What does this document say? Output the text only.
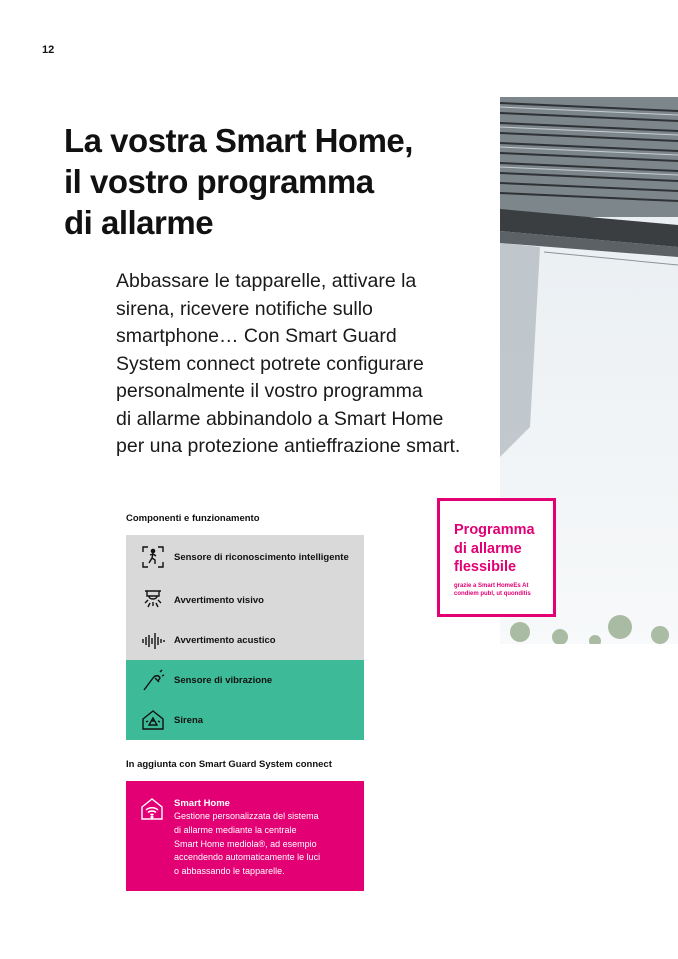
12
La vostra Smart Home,
il vostro programma
di allarme

Abbassare le tapparelle, attivare la
sirena, ricevere notifiche sullo
smartphone… Con Smart Guard
System connect potrete configurare
personalmente il vostro programma
di allarme abbinandolo a Smart Home
per una protezione antieffrazione smart.

Programma
di allarme
flessibile
grazie a Smart HomeEs At
condiem publ, ut quonditis
Componenti e funzionamento
Sensore di riconoscimento intelligente
Avvertimento visivo
Avvertimento acustico
Sensore di vibrazione
Sirena
In aggiunta con Smart Guard System connect
Smart Home
Gestione personalizzata del sistema
di allarme mediante la centrale
Smart Home mediola®, ad esempio
accendendo automaticamente le luci
o abbassando le tapparelle.
